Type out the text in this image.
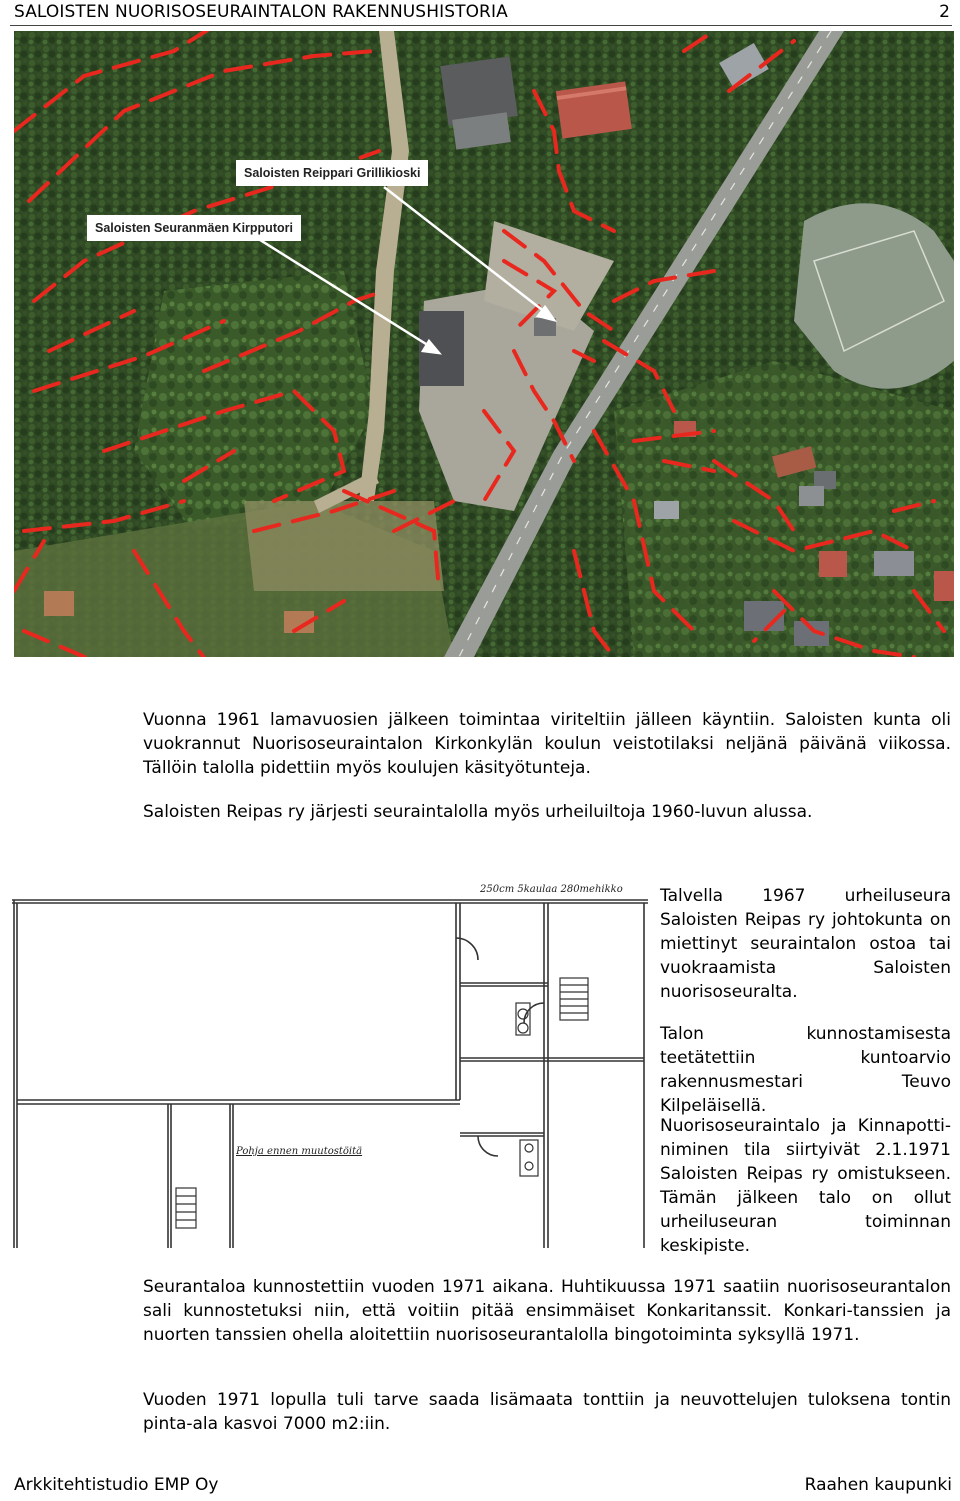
SALOISTEN NUORISOSEURAINTALON RAKENNUSHISTORIA	2
Saloisten Reippari Grillikioski
Saloisten Seuranmäen Kirpputori
Vuonna 1961 lamavuosien jälkeen toimintaa viriteltiin jälleen käyntiin. Saloisten kunta oli vuokrannut Nuorisoseuraintalon Kirkonkylän koulun veistotilaksi neljänä päivänä viikossa. Tällöin talolla pidettiin myös koulujen käsityötunteja.
Saloisten Reipas ry järjesti seuraintalolla myös urheiluiltoja 1960-luvun alussa.
250cm 5kaulaa 280mehikko
Pohja ennen muutostöitä
Talvella 1967 urheiluseura Saloisten Reipas ry johtokunta on miettinyt seuraintalon ostoa tai vuokraamista Saloisten nuorisoseuralta.
Talon kunnostamisesta teetätettiin kuntoarvio rakennusmestari Teuvo Kilpeläisellä.
Nuorisoseuraintalo ja Kinnapotti-niminen tila siirtyivät 2.1.1971 Saloisten Reipas ry omistukseen. Tämän jälkeen talo on ollut urheiluseuran toiminnan keskipiste.
Seurantaloa kunnostettiin vuoden 1971 aikana. Huhtikuussa 1971 saatiin nuorisoseurantalon sali kunnostetuksi niin, että voitiin pitää ensimmäiset Konkaritanssit. Konkari-tanssien ja nuorten tanssien ohella aloitettiin nuorisoseurantalolla bingotoiminta syksyllä 1971.
Vuoden 1971 lopulla tuli tarve saada lisämaata tonttiin ja neuvottelujen tuloksena tontin pinta-ala kasvoi 7000 m2:iin.
Arkkitehtistudio EMP Oy	Raahen kaupunki
